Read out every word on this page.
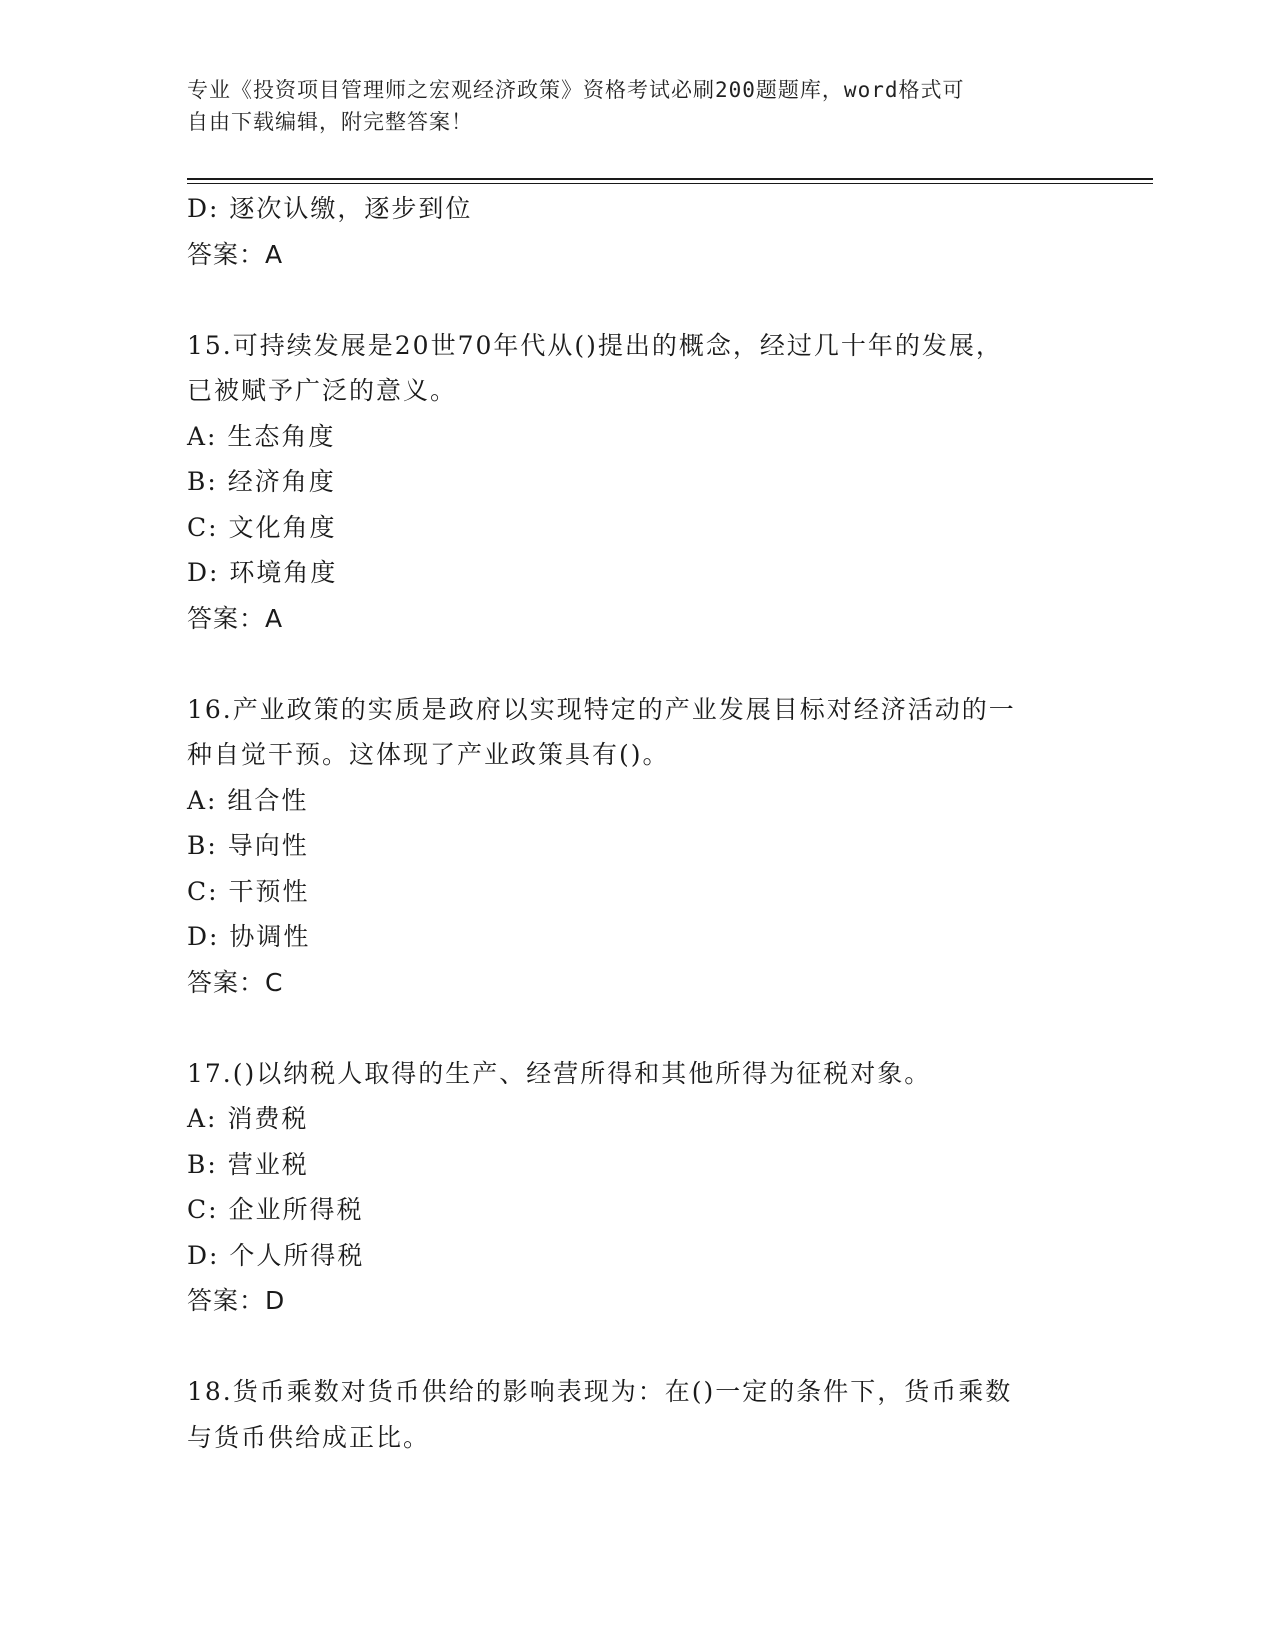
专业《投资项目管理师之宏观经济政策》资格考试必刷200题题库，word格式可
自由下载编辑，附完整答案！
D: 逐次认缴，逐步到位
答案：A
15.可持续发展是20世70年代从()提出的概念，经过几十年的发展，
已被赋予广泛的意义。
A: 生态角度
B: 经济角度
C: 文化角度
D: 环境角度
答案：A
16.产业政策的实质是政府以实现特定的产业发展目标对经济活动的一
种自觉干预。这体现了产业政策具有()。
A: 组合性
B: 导向性
C: 干预性
D: 协调性
答案：C
17.()以纳税人取得的生产、经营所得和其他所得为征税对象。
A: 消费税
B: 营业税
C: 企业所得税
D: 个人所得税
答案：D
18.货币乘数对货币供给的影响表现为：在()一定的条件下，货币乘数
与货币供给成正比。
